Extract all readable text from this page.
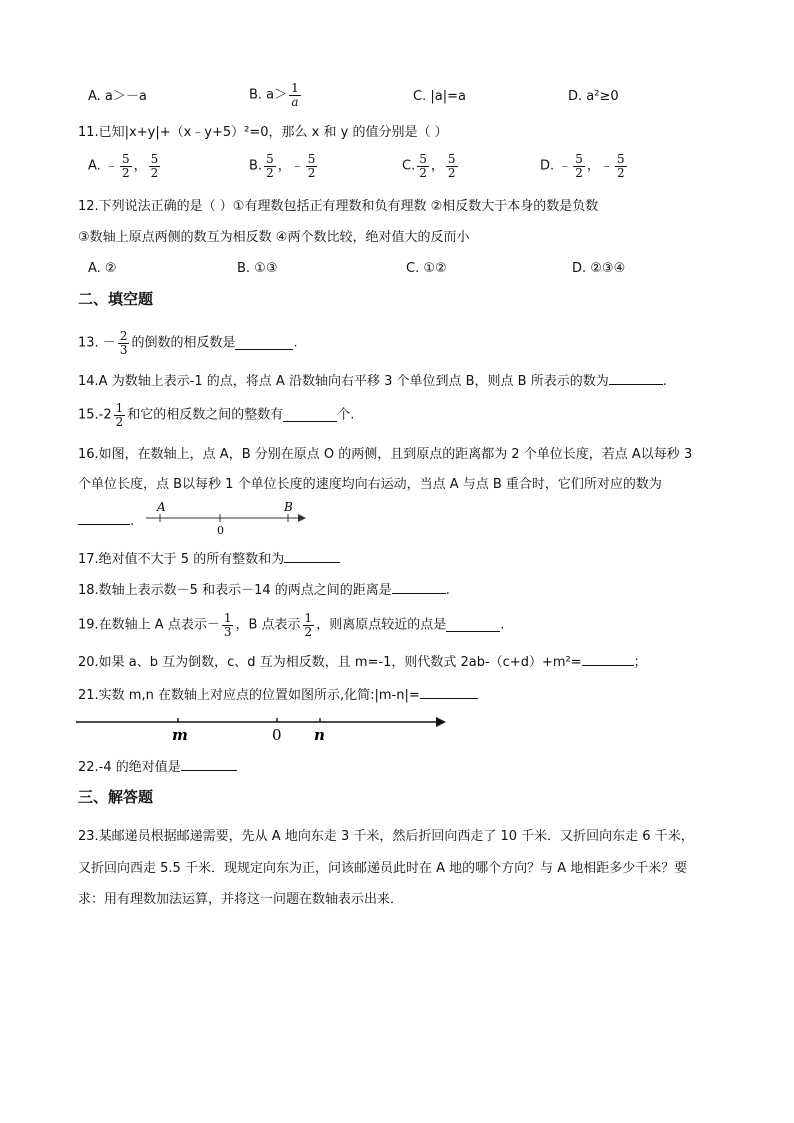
A. a＞－a	B. $a> \frac{1}{a}$	C. |a|=a	D. a²≥0
11.已知|x+y|+（x﹣y+5）²=0，那么 x 和 y 的值分别是（ ）
A. ﹣ $\frac{5}{2}$ ， $\frac{5}{2}$	B. $\frac{5}{2}$ ，﹣ $\frac{5}{2}$	C. $\frac{5}{2}$ ， $\frac{5}{2}$	D. ﹣ $\frac{5}{2}$ ，﹣ $\frac{5}{2}$
12.下列说法正确的是（ ）①有理数包括正有理数和负有理数 ②相反数大于本身的数是负数
③数轴上原点两侧的数互为相反数 ④两个数比较，绝对值大的反而小
A. ②	B. ①③	C. ①②	D. ②③④
二、填空题
13. － $\frac{2}{3}$ 的倒数的相反数是	.
14.A 为数轴上表示-1 的点，将点 A 沿数轴向右平移 3 个单位到点 B，则点 B 所表示的数为	.
$15.-2 \frac{1}{2}$ 和它的相反数之间的整数有	个.
16.如图，在数轴上，点 A，B 分别在原点 O 的两侧，且到原点的距离都为 2 个单位长度，若点 A以每秒 3
个单位长度，点 B以每秒 1 个单位长度的速度均向右运动，当点 A 与点 B 重合时，它们所对应的数为
.
A
0
B
17.绝对值不大于 5 的所有整数和为
18.数轴上表示数－5 和表示－14 的两点之间的距离是	.
19.在数轴上 A 点表示－ $\frac{1}{3}$ ，B 点表示 $\frac{1}{2}$ ，则离原点较近的点是	.
20.如果 a、b 互为倒数，c、d 互为相反数，且 m=-1，则代数式 2ab-（c+d）+m²=	；
21.实数 m,n 在数轴上对应点的位置如图所示,化简:|m-n|=
m	0 n
22.-4 的绝对值是
三、解答题
23.某邮递员根据邮递需要，先从 A 地向东走 3 千米，然后折回向西走了 10 千米．又折回向东走 6 千米，
又折回向西走 5.5 千米．现规定向东为正，问该邮递员此时在 A 地的哪个方向？与 A 地相距多少千米？要
求：用有理数加法运算，并将这一问题在数轴表示出来．
